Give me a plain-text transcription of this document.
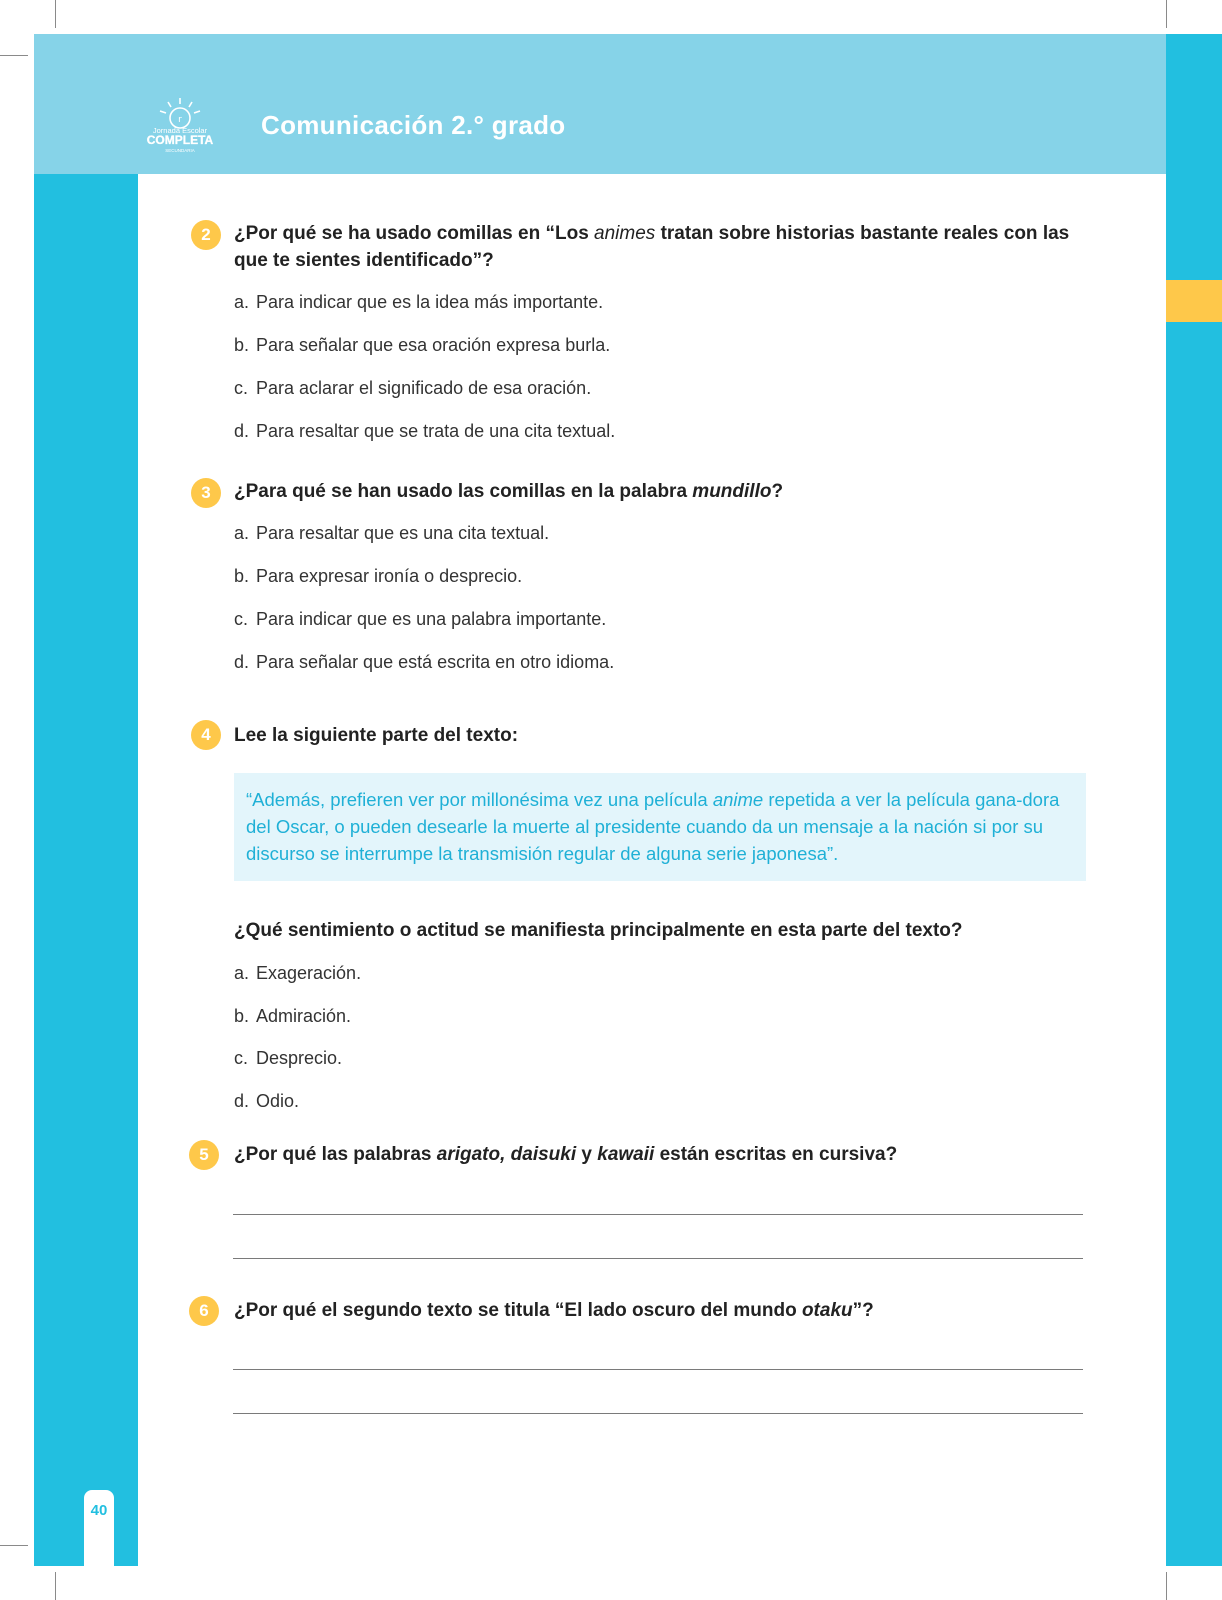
r
Jornada Escolar
COMPLETA
SECUNDARIA
Comunicación 2.° grado
2	¿Por qué se ha usado comillas en “Los animes tratan sobre historias bastante reales con las que te sientes identificado”?
a. Para indicar que es la idea más importante.
b. Para señalar que esa oración expresa burla.
c. Para aclarar el significado de esa oración.
d. Para resaltar que se trata de una cita textual.
3	¿Para qué se han usado las comillas en la palabra mundillo?
a. Para resaltar que es una cita textual.
b. Para expresar ironía o desprecio.
c. Para indicar que es una palabra importante.
d. Para señalar que está escrita en otro idioma.
4	Lee la siguiente parte del texto:
“Además, prefieren ver por millonésima vez una película anime repetida a ver la película gana-dora del Oscar, o pueden desearle la muerte al presidente cuando da un mensaje a la nación si por su discurso se interrumpe la transmisión regular de alguna serie japonesa”.
¿Qué sentimiento o actitud se manifiesta principalmente en esta parte del texto?
a. Exageración.
b. Admiración.
c. Desprecio.
d. Odio.
5	¿Por qué las palabras arigato, daisuki y kawaii están escritas en cursiva?
6	¿Por qué el segundo texto se titula “El lado oscuro del mundo otaku”?
40
